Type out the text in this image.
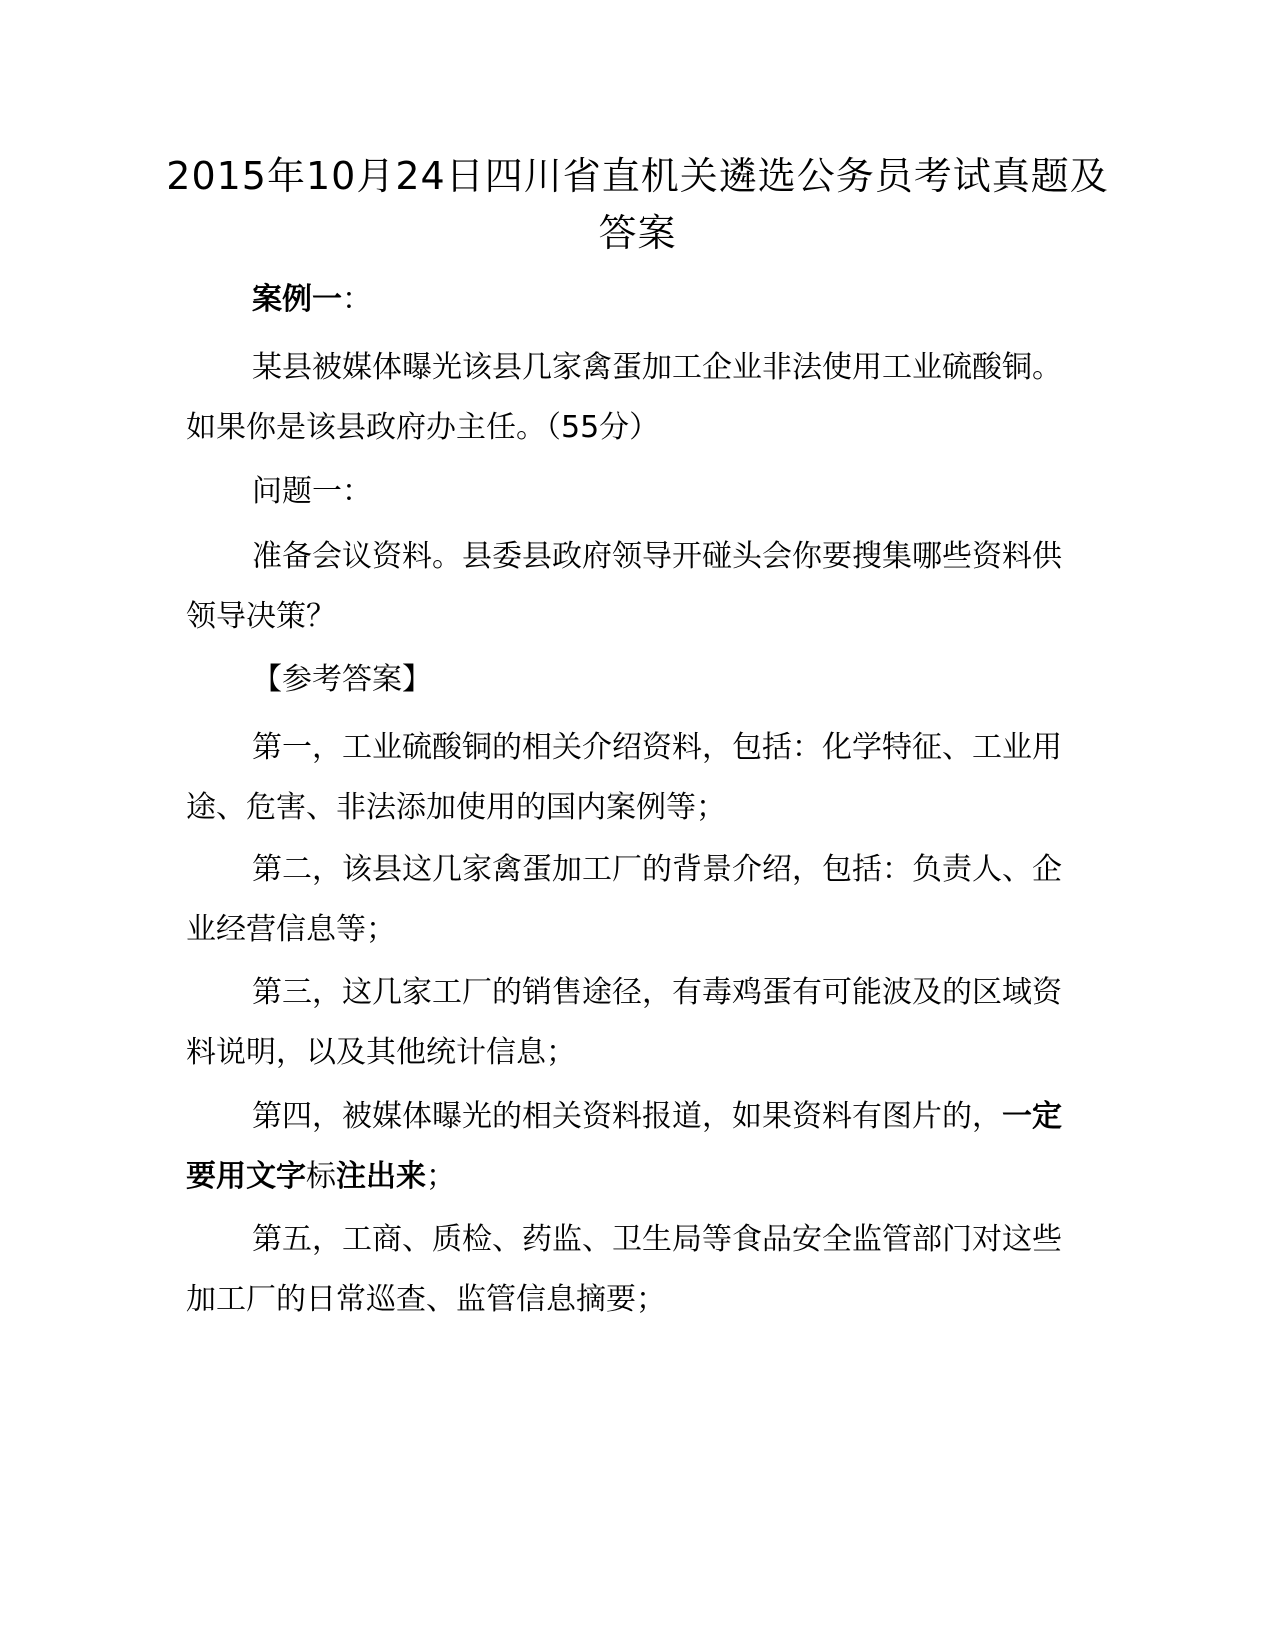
2015年10月24日四川省直机关遴选公务员考试真题及答案

案例一：

某县被媒体曝光该县几家禽蛋加工企业非法使用工业硫酸铜。如果你是该县政府办主任。（55分）

问题一：

准备会议资料。县委县政府领导开碰头会你要搜集哪些资料供领导决策？

【参考答案】

第一，工业硫酸铜的相关介绍资料，包括：化学特征、工业用途、危害、非法添加使用的国内案例等；

第二，该县这几家禽蛋加工厂的背景介绍，包括：负责人、企业经营信息等；

第三，这几家工厂的销售途径，有毒鸡蛋有可能波及的区域资料说明，以及其他统计信息；

第四，被媒体曝光的相关资料报道，如果资料有图片的，一定要用文字标注出来；

第五，工商、质检、药监、卫生局等食品安全监管部门对这些加工厂的日常巡查、监管信息摘要；
